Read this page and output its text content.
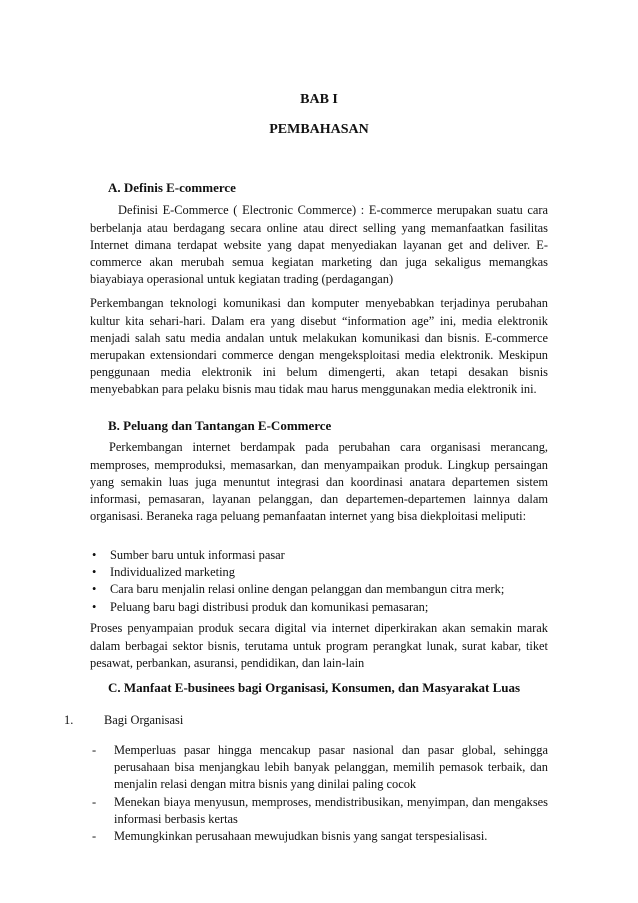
BAB I
PEMBAHASAN
A. Definis E-commerce

Definisi E-Commerce ( Electronic Commerce) : E-commerce merupakan suatu cara berbelanja atau berdagang secara online atau direct selling yang memanfaatkan fasilitas Internet dimana terdapat website yang dapat menyediakan layanan get and deliver. E-commerce akan merubah semua kegiatan marketing dan juga sekaligus memangkas biayabiaya operasional untuk kegiatan trading (perdagangan)

Perkembangan teknologi komunikasi dan komputer menyebabkan terjadinya perubahan kultur kita sehari-hari. Dalam era yang disebut “information age” ini, media elektronik menjadi salah satu media andalan untuk melakukan komunikasi dan bisnis. E-commerce merupakan extensiondari commerce dengan mengeksploitasi media elektronik. Meskipun penggunaan media elektronik ini belum dimengerti, akan tetapi desakan bisnis menyebabkan para pelaku bisnis mau tidak mau harus menggunakan media elektronik ini.

B. Peluang dan Tantangan E-Commerce

Perkembangan internet berdampak pada perubahan cara organisasi merancang, memproses, memproduksi, memasarkan, dan menyampaikan produk. Lingkup persaingan yang semakin luas juga menuntut integrasi dan koordinasi anatara departemen sistem informasi, pemasaran, layanan pelanggan, dan departemen-departemen lainnya dalam organisasi. Beraneka raga peluang pemanfaatan internet yang bisa diekploitasi meliputi:

• Sumber baru untuk informasi pasar
• Individualized marketing
• Cara baru menjalin relasi online dengan pelanggan dan membangun citra merk;
• Peluang baru bagi distribusi produk dan komunikasi pemasaran;

Proses penyampaian produk secara digital via internet diperkirakan akan semakin marak dalam berbagai sektor bisnis, terutama untuk program perangkat lunak, surat kabar, tiket pesawat, perbankan, asuransi, pendidikan, dan lain-lain

C. Manfaat E-businees bagi Organisasi, Konsumen, dan Masyarakat Luas
1. Bagi Organisasi
- Memperluas pasar hingga mencakup pasar nasional dan pasar global, sehingga perusahaan bisa menjangkau lebih banyak pelanggan, memilih pemasok terbaik, dan menjalin relasi dengan mitra bisnis yang dinilai paling cocok
- Menekan biaya menyusun, memproses, mendistribusikan, menyimpan, dan mengakses informasi berbasis kertas
- Memungkinkan perusahaan mewujudkan bisnis yang sangat terspesialisasi.
